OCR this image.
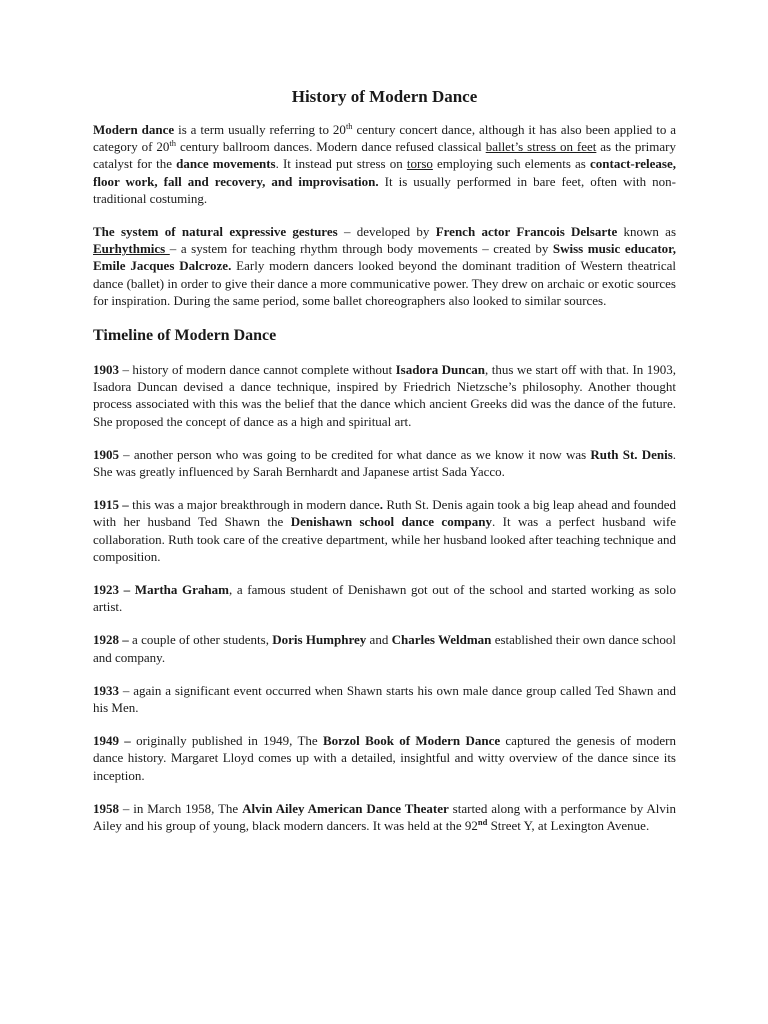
History of Modern Dance

Modern dance is a term usually referring to 20th century concert dance, although it has also been applied to a category of 20th century ballroom dances. Modern dance refused classical ballet’s stress on feet as the primary catalyst for the dance movements. It instead put stress on torso employing such elements as contact-release, floor work, fall and recovery, and improvisation. It is usually performed in bare feet, often with non-traditional costuming.

The system of natural expressive gestures – developed by French actor Francois Delsarte known as Eurhythmics – a system for teaching rhythm through body movements – created by Swiss music educator, Emile Jacques Dalcroze. Early modern dancers looked beyond the dominant tradition of Western theatrical dance (ballet) in order to give their dance a more communicative power. They drew on archaic or exotic sources for inspiration. During the same period, some ballet choreographers also looked to similar sources.

Timeline of Modern Dance

1903 – history of modern dance cannot complete without Isadora Duncan, thus we start off with that. In 1903, Isadora Duncan devised a dance technique, inspired by Friedrich Nietzsche’s philosophy. Another thought process associated with this was the belief that the dance which ancient Greeks did was the dance of the future. She proposed the concept of dance as a high and spiritual art.

1905 – another person who was going to be credited for what dance as we know it now was Ruth St. Denis. She was greatly influenced by Sarah Bernhardt and Japanese artist Sada Yacco.

1915 – this was a major breakthrough in modern dance. Ruth St. Denis again took a big leap ahead and founded with her husband Ted Shawn the Denishawn school dance company. It was a perfect husband wife collaboration. Ruth took care of the creative department, while her husband looked after teaching technique and composition.

1923 – Martha Graham, a famous student of Denishawn got out of the school and started working as solo artist.

1928 – a couple of other students, Doris Humphrey and Charles Weldman established their own dance school and company.

1933 – again a significant event occurred when Shawn starts his own male dance group called Ted Shawn and his Men.

1949 – originally published in 1949, The Borzol Book of Modern Dance captured the genesis of modern dance history. Margaret Lloyd comes up with a detailed, insightful and witty overview of the dance since its inception.

1958 – in March 1958, The Alvin Ailey American Dance Theater started along with a performance by Alvin Ailey and his group of young, black modern dancers. It was held at the 92nd Street Y, at Lexington Avenue.
